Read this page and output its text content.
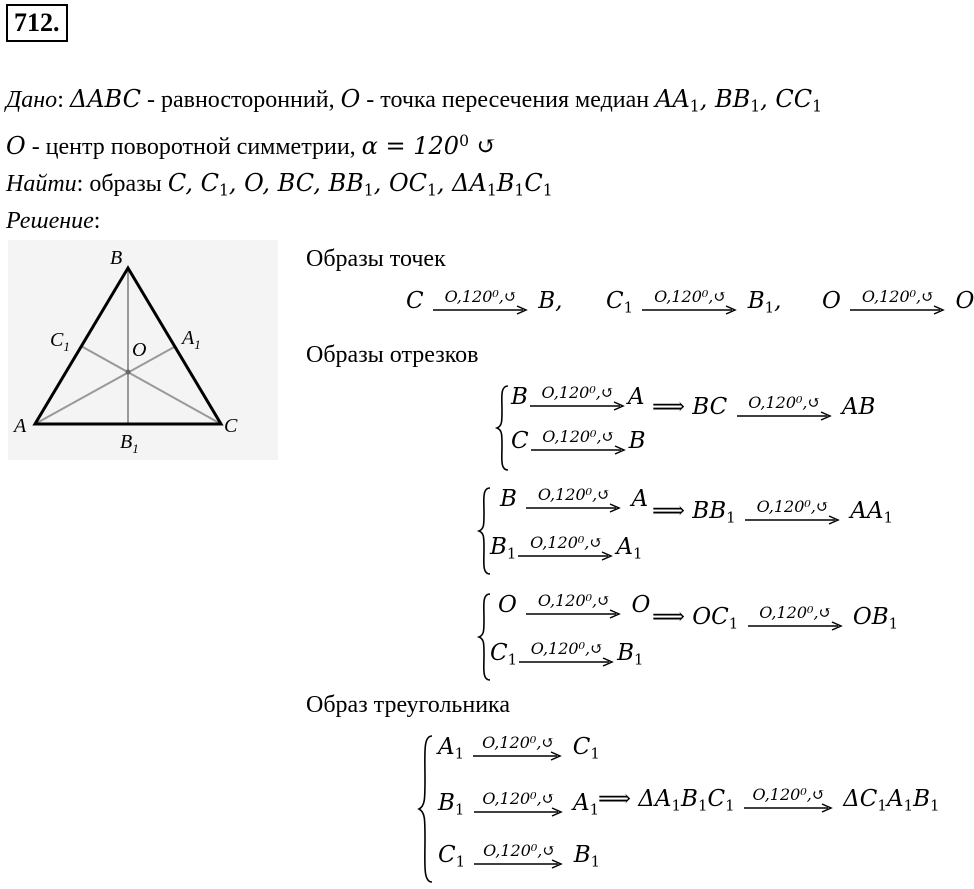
712.
Дано: ΔABC - равносторонний, O - точка пересечения медиан $AA_1$, $BB_1$, $CC_1$
O - центр поворотной симметрии, $\alpha = 120^0$ ↺
Найти: образы C, $C_1$, O, BC, $BB_1$, $OC_1$, $\Delta A_1B_1C_1$
Решение:
B
A	C
O
$C_1$	$A_1$
$B_1$
Образы точек
C O,120⁰,↺ B, $C_1$
O,120⁰,↺ $B_1$, O O,120⁰,↺ O
Образы отрезков
B O,120⁰,↺ A
C O,120⁰,↺ B
⟹ BC O,120⁰,↺ AB
B O,120⁰,↺ A
$B_1$
O,120⁰,↺ $A_1$
⟹ $BB_1$
O,120⁰,↺ $AA_1$
O O,120⁰,↺ O
$C_1$
O,120⁰,↺ $B_1$
⟹ $OC_1$
O,120⁰,↺ $OB_1$
Образ треугольника
$A_1$
O,120⁰,↺ $C_1$
$B_1$
O,120⁰,↺ $A_1$
$C_1$
O,120⁰,↺ $B_1$
⟹ $\Delta A_1B_1C_1$
O,120⁰,↺ $\Delta C_1A_1B_1$
